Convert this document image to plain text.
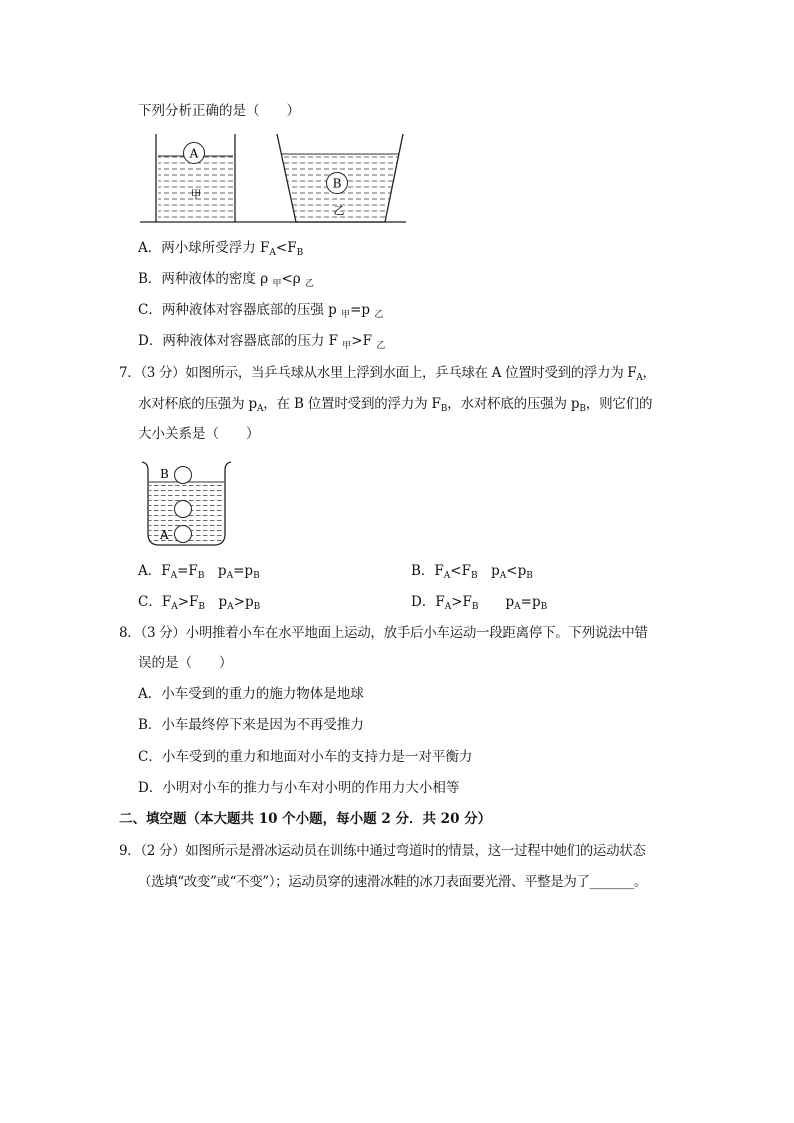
下列分析正确的是（　　）
A
甲
B
乙
A．两小球所受浮力 $F_A<F_B$
B．两种液体的密度 ρ $_甲$<ρ $_乙$
C．两种液体对容器底部的压强 p $_甲$=p $_乙$
D．两种液体对容器底部的压力 F $_甲$>F $_乙$
7．（3 分）如图所示，当乒乓球从水里上浮到水面上，乒乓球在 A 位置时受到的浮力为 $F_A$，
水对杯底的压强为 $p_A$，在 B 位置时受到的浮力为 $F_B$，水对杯底的压强为 $p_B$，则它们的
大小关系是（　　）
B
A
A．$F_A=F_B$　$p_A=p_B$	B．$F_A<F_B$　$p_A<p_B$
C．$F_A>F_B$　$p_A>p_B$	D．$F_A>F_B$　　$p_A=p_B$
8．（3 分）小明推着小车在水平地面上运动，放手后小车运动一段距离停下。下列说法中错
误的是（　　）
A．小车受到的重力的施力物体是地球
B．小车最终停下来是因为不再受推力
C．小车受到的重力和地面对小车的支持力是一对平衡力
D．小明对小车的推力与小车对小明的作用力大小相等
二、填空题（本大题共 10 个小题，每小题 2 分．共 20 分）
9．（2 分）如图所示是滑冰运动员在训练中通过弯道时的情景，这一过程中她们的运动状态
（选填“改变”或“不变”）；运动员穿的速滑冰鞋的冰刀表面要光滑、平整是为了_______。
